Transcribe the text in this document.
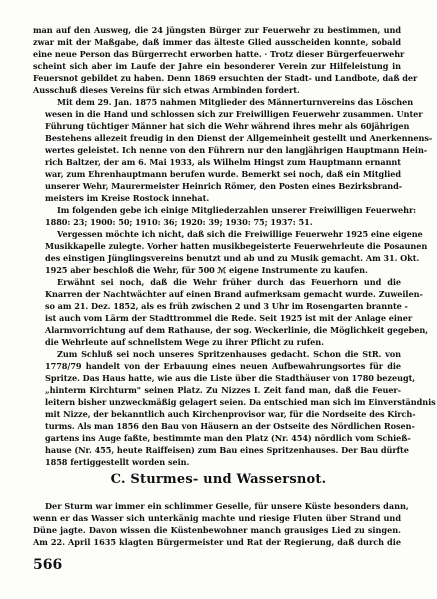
man auf den Ausweg, die 24 jüngsten Bürger zur Feuerwehr zu bestimmen, und
zwar mit der Maßgabe, daß immer das älteste Glied ausscheiden konnte, sobald
eine neue Person das Bürgerrecht erworben hatte. · Trotz dieser Bürgerfeuerwehr
scheint sich aber im Laufe der Jahre ein besonderer Verein zur Hilfeleistung in
Feuersnot gebildet zu haben. Denn 1869 ersuchten der Stadt- und Landbote, daß der
Ausschuß dieses Vereins für sich etwas Armbinden fordert.

Mit dem 29. Jan. 1875 nahmen Mitglieder des Männerturnvereins das Löschen
wesen in die Hand und schlossen sich zur Freiwilligen Feuerwehr zusammen. Unter
Führung tüchtiger Männer hat sich die Wehr während ihres mehr als 60jährigen
Bestehens allezeit freudig in den Dienst der Allgemeinheit gestellt und Anerkennens-
wertes geleistet. Ich nenne von den Führern nur den langjährigen Hauptmann Hein-
rich Baltzer, der am 6. Mai 1933, als Wilhelm Hingst zum Hauptmann ernannt
war, zum Ehrenhauptmann berufen wurde. Bemerkt sei noch, daß ein Mitglied
unserer Wehr, Maurermeister Heinrich Römer, den Posten eines Bezirksbrand-
meisters im Kreise Rostock innehat.

Im folgenden gebe ich einige Mitgliederzahlen unserer Freiwilligen Feuerwehr:
1880: 23; 1900: 50; 1910: 36; 1920: 39; 1930: 75; 1937: 51.

Vergessen möchte ich nicht, daß sich die Freiwillige Feuerwehr 1925 eine eigene
Musikkapelle zulegte. Vorher hatten musikbegeisterte Feuerwehrleute die Posaunen
des einstigen Jünglingsvereins benutzt und ab und zu Musik gemacht. Am 31. Okt.
1925 aber beschloß die Wehr, für 500 ℳ eigene Instrumente zu kaufen.

Erwähnt sei noch, daß die Wehr früher durch das Feuerhorn und die
Knarren der Nachtwächter auf einen Brand aufmerksam gemacht wurde. Zuweilen-
so am 21. Dez. 1852, als es früh zwischen 2 und 3 Uhr im Rosengarten brannte -
ist auch vom Lärm der Stadttrommel die Rede. Seit 1925 ist mit der Anlage einer
Alarmvorrichtung auf dem Rathause, der sog. Weckerlinie, die Möglichkeit gegeben,
die Wehrleute auf schnellstem Wege zu ihrer Pflicht zu rufen.

Zum Schluß sei noch unseres Spritzenhauses gedacht. Schon die StR. von
1778/79 handelt von der Erbauung eines neuen Aufbewahrungsortes für die
Spritze. Das Haus hatte, wie aus die Liste über die Stadthäuser von 1780 bezeugt,
„hinterm Kirchturm" seinen Platz. Zu Nizzes I. Zeit fand man, daß die Feuer-
leitern bisher unzweckmäßig gelagert seien. Da entschied man sich im Einverständnis
mit Nizze, der bekanntlich auch Kirchenprovisor war, für die Nordseite des Kirch-
turms. Als man 1856 den Bau von Häusern an der Ostseite des Nördlichen Rosen-
gartens ins Auge faßte, bestimmte man den Platz (Nr. 454) nördlich vom Schieß-
hause (Nr. 455, heute Raiffeisen) zum Bau eines Spritzenhauses. Der Bau dürfte
1858 fertiggestellt worden sein.

C. Sturmes- und Wassersnot.
Der Sturm war immer ein schlimmer Geselle, für unsere Küste besonders dann,
wenn er das Wasser sich unterkänig machte und riesige Fluten über Strand und
Düne jagte. Davon wissen die Küstenbewohner manch grausiges Lied zu singen.
Am 22. April 1635 klagten Bürgermeister und Rat der Regierung, daß durch die
566
